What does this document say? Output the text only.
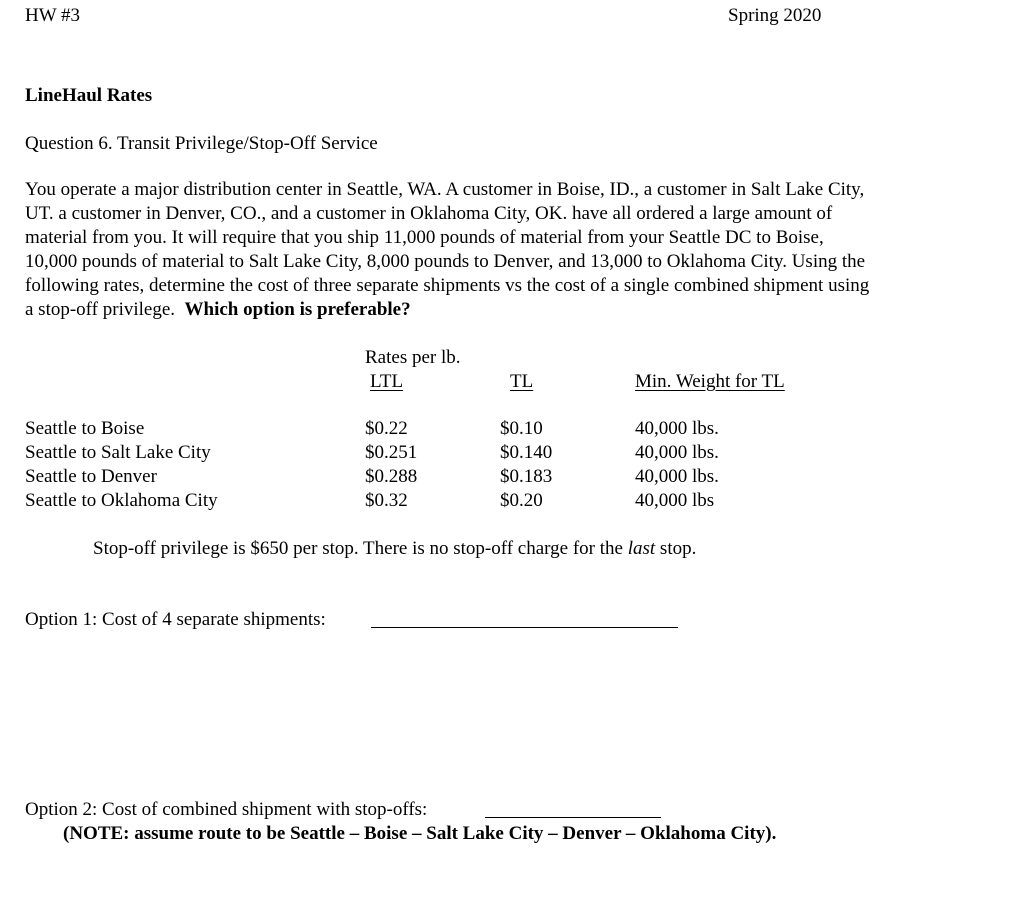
HW #3	Spring 2020
LineHaul Rates
Question 6. Transit Privilege/Stop-Off Service

You operate a major distribution center in Seattle, WA. A customer in Boise, ID., a customer in Salt Lake City,

UT. a customer in Denver, CO., and a customer in Oklahoma City, OK. have all ordered a large amount of

material from you. It will require that you ship 11,000 pounds of material from your Seattle DC to Boise,

10,000 pounds of material to Salt Lake City, 8,000 pounds to Denver, and 13,000 to Oklahoma City. Using the

following rates, determine the cost of three separate shipments vs the cost of a single combined shipment using

a stop-off privilege. Which option is preferable?

Rates per lb.
LTL	TL	Min. Weight for TL
Seattle to Boise	$0.22	$0.10	40,000 lbs.
Seattle to Salt Lake City	$0.251	$0.140	40,000 lbs.
Seattle to Denver	$0.288	$0.183	40,000 lbs.
Seattle to Oklahoma City	$0.32	$0.20	40,000 lbs
Stop-off privilege is $650 per stop. There is no stop-off charge for the last stop.
Option 1: Cost of 4 separate shipments:
Option 2: Cost of combined shipment with stop-offs:
(NOTE: assume route to be Seattle – Boise – Salt Lake City – Denver – Oklahoma City).
